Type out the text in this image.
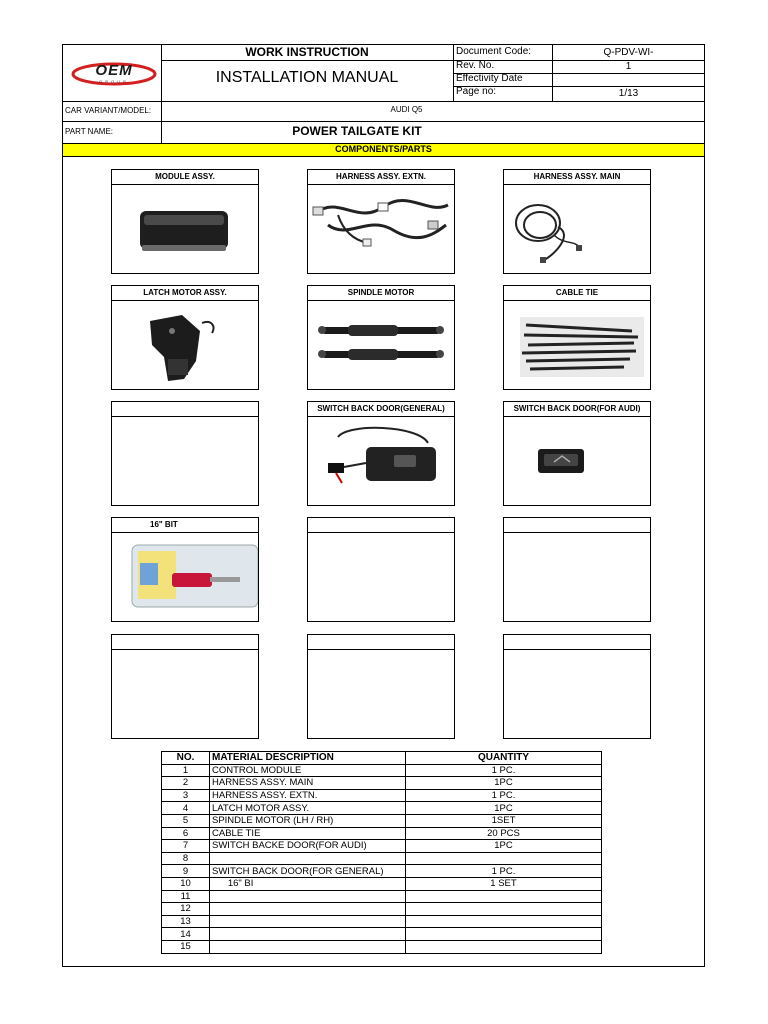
OEM
GROUP
WORK INSTRUCTION
INSTALLATION MANUAL
Document Code:	Q-PDV-WI-
Rev. No.	1
Effectivity Date
Page no:	1/13
CAR VARIANT/MODEL:	AUDI Q5
PART NAME:	POWER TAILGATE KIT
COMPONENTS/PARTS
MODULE ASSY.	HARNESS ASSY. EXTN.	HARNESS ASSY. MAIN
LATCH MOTOR ASSY.	SPINDLE MOTOR	CABLE TIE
SWITCH BACK DOOR(GENERAL)	SWITCH BACK DOOR(FOR AUDI)
16" BIT
NO.	MATERIAL DESCRIPTION	QUANTITY
1	CONTROL MODULE	1 PC.
2	HARNESS ASSY. MAIN	1PC
3	HARNESS ASSY. EXTN.	1 PC.
4	LATCH MOTOR ASSY.	1PC
5	SPINDLE MOTOR (LH / RH)	1SET
6	CABLE TIE	20 PCS
7	SWITCH BACKE DOOR(FOR AUDI)	1PC
8		
9	SWITCH BACK DOOR(FOR GENERAL)	1 PC.
10	16" BI	1 SET
11		
12		
13		
14		
15		
